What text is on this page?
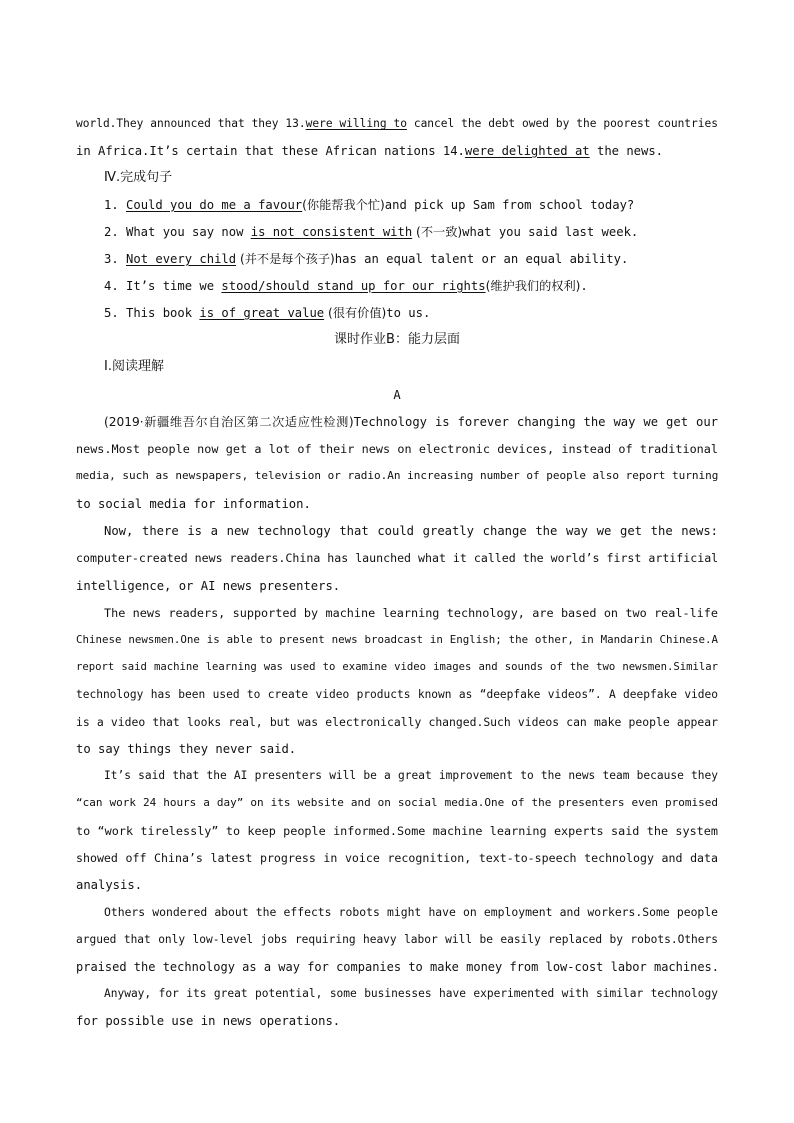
world.They announced that they 13.were willing to cancel the debt owed by the poorest countries
in Africa.It’s certain that these African nations 14.were delighted at the news.
Ⅳ.完成句子
1. Could you do me a favour(你能帮我个忙)and pick up Sam from school today?
2. What you say now is not consistent with (不一致)what you said last week.
3. Not every child (并不是每个孩子)has an equal talent or an equal ability.
4. It’s time we stood/should stand up for our rights(维护我们的权利).
5. This book is of great value (很有价值)to us.
课时作业B：能力层面
Ⅰ.阅读理解
A
(2019·新疆维吾尔自治区第二次适应性检测)Technology is forever changing the way we get our
news.Most people now get a lot of their news on electronic devices, instead of traditional
media, such as newspapers, television or radio.An increasing number of people also report turning
to social media for information.
Now, there is a new technology that could greatly change the way we get the news:
computer-created news readers.China has launched what it called the world’s first artificial
intelligence, or AI news presenters.
The news readers, supported by machine learning technology, are based on two real-life
Chinese newsmen.One is able to present news broadcast in English; the other, in Mandarin Chinese.A
report said machine learning was used to examine video images and sounds of the two newsmen.Similar
technology has been used to create video products known as “deepfake videos”. A deepfake video
is a video that looks real, but was electronically changed.Such videos can make people appear
to say things they never said.
It’s said that the AI presenters will be a great improvement to the news team because they
“can work 24 hours a day” on its website and on social media.One of the presenters even promised
to “work tirelessly” to keep people informed.Some machine learning experts said the system
showed off China’s latest progress in voice recognition, text-to-speech technology and data
analysis.
Others wondered about the effects robots might have on employment and workers.Some people
argued that only low-level jobs requiring heavy labor will be easily replaced by robots.Others
praised the technology as a way for companies to make money from low-cost labor machines.
Anyway, for its great potential, some businesses have experimented with similar technology
for possible use in news operations.
